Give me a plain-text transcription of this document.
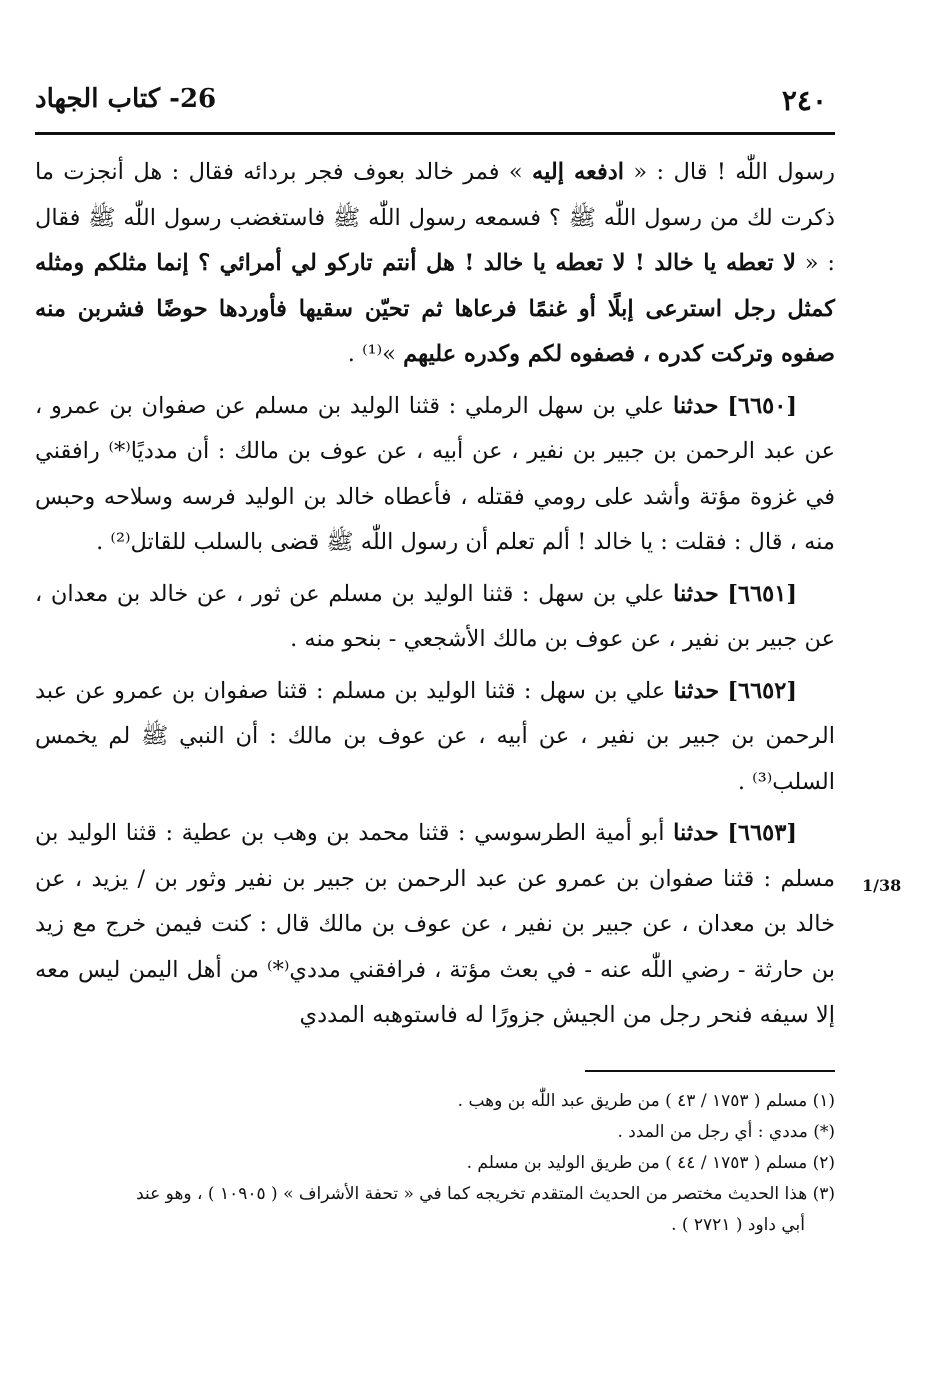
26- كتاب الجهاد	٢٤٠
1/38

رسول اللّٰه ! قال : « ادفعه إليه » فمر خالد بعوف فجر بردائه فقال : هل أنجزت ما ذكرت لك من رسول اللّٰه ﷺ ؟ فسمعه رسول اللّٰه ﷺ فاستغضب رسول اللّٰه ﷺ فقال : « لا تعطه يا خالد ! لا تعطه يا خالد ! هل أنتم تاركو لي أمرائي ؟ إنما مثلكم ومثله كمثل رجل استرعى إبلًا أو غنمًا فرعاها ثم تحيّن سقيها فأوردها حوضًا فشربن منه صفوه وتركت كدره ، فصفوه لكم وكدره عليهم »⁽¹⁾ .

[٦٦٥٠] حدثنا علي بن سهل الرملي : قثنا الوليد بن مسلم عن صفوان بن عمرو ، عن عبد الرحمن بن جبير بن نفير ، عن أبيه ، عن عوف بن مالك : أن مدديًا⁽*⁾ رافقني في غزوة مؤتة وأشد على رومي فقتله ، فأعطاه خالد بن الوليد فرسه وسلاحه وحبس منه ، قال : فقلت : يا خالد ! ألم تعلم أن رسول اللّٰه ﷺ قضى بالسلب للقاتل⁽²⁾ .

[٦٦٥١] حدثنا علي بن سهل : قثنا الوليد بن مسلم عن ثور ، عن خالد بن معدان ، عن جبير بن نفير ، عن عوف بن مالك الأشجعي - بنحو منه .

[٦٦٥٢] حدثنا علي بن سهل : قثنا الوليد بن مسلم : قثنا صفوان بن عمرو عن عبد الرحمن بن جبير بن نفير ، عن أبيه ، عن عوف بن مالك : أن النبي ﷺ لم يخمس السلب⁽³⁾ .

[٦٦٥٣] حدثنا أبو أمية الطرسوسي : قثنا محمد بن وهب بن عطية : قثنا الوليد بن مسلم : قثنا صفوان بن عمرو عن عبد الرحمن بن جبير بن نفير وثور بن / يزيد ، عن خالد بن معدان ، عن جبير بن نفير ، عن عوف بن مالك قال : كنت فيمن خرج مع زيد بن حارثة - رضي اللّٰه عنه - في بعث مؤتة ، فرافقني مددي⁽*⁾ من أهل اليمن ليس معه إلا سيفه فنحر رجل من الجيش جزورًا له فاستوهبه المددي

(١) مسلم ( ١٧٥٣ / ٤٣ ) من طريق عبد اللّٰه بن وهب .

(*) مددي : أي رجل من المدد .

(٢) مسلم ( ١٧٥٣ / ٤٤ ) من طريق الوليد بن مسلم .

(٣) هذا الحديث مختصر من الحديث المتقدم تخريجه كما في « تحفة الأشراف » ( ١٠٩٠٥ ) ، وهو عند

أبي داود ( ٢٧٢١ ) .
